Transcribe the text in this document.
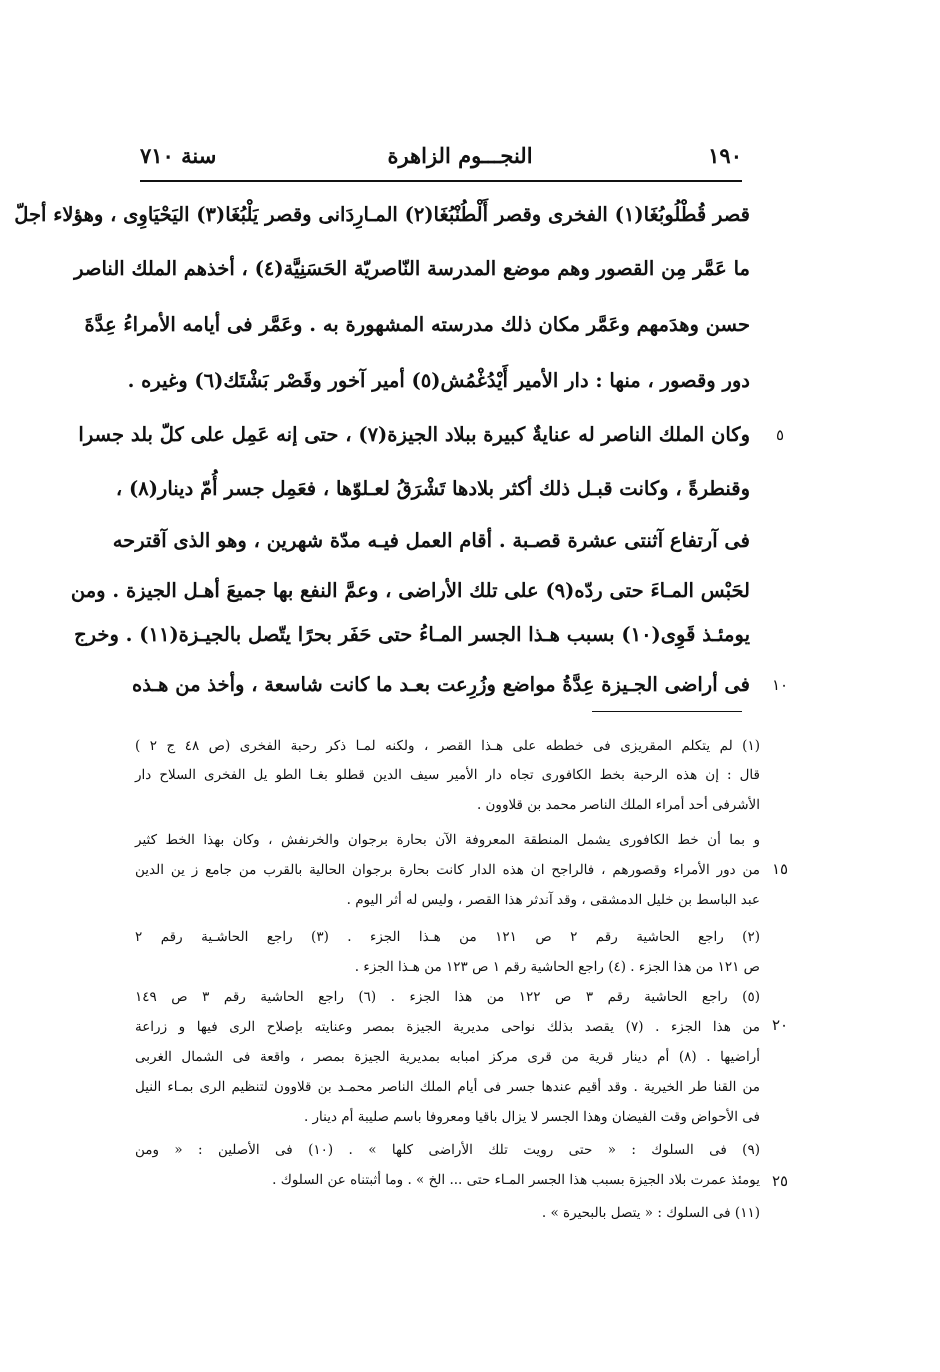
١٩٠
النجـــوم الزاهرة
سنة ٧١٠
قصر قُطْلُوبُغَا(١) الفخرى وقصر أَلْطُنْبُغَا(٢) المـارِدَانى وقصر يَلْبُغَا(٣) اليَحْيَاوِى ، وهؤلاء أجلّ
ما عَمَّر مِن القصور وهم موضع المدرسة النّاصريّة الحَسَنِيَّة(٤) ، أخذهم الملك الناصر
حسن وهدَمهم وعَمَّر مكان ذلك مدرسته المشهورة به . وعَمَّر فى أيامه الأمراءُ عِدَّةَ
دور وقصور ، منها : دار الأمير أَيْدُغْمُش(٥) أمير آخور وقَصْر بَشْتَك(٦) وغيره .
وكان الملك الناصر له عنايةٌ كبيرة ببلاد الجيزة(٧) ، حتى إنه عَمِل على كلّ بلد جسرا
وقنطرةً ، وكانت قبـل ذلك أكثر بلادها تَشْرَقُ لعـلوّها ، فعَمِل جسر أُمّ دينار(٨) ،
فى آرتفاع آثنتى عشرة قصـبة . أقام العمل فيـه مدّة شهرين ، وهو الذى آقترحه
لحَبْس المـاءَ حتى ردّه(٩) على تلك الأراضى ، وعمَّ النفع بها جميعَ أهـل الجيزة . ومن
يومئـذ قَوِى(١٠) بسبب هـذا الجسر المـاءُ حتى حَفَر بحرًا يتّصل بالجيـزة(١١) . وخرج
فى أراضى الجـيزة عِدَّةُ مواضع وزُرِعت بعـد ما كانت شاسعة ، وأخذ من هـذه
(١) لم يتكلم المقريزى فى خططه على هـذا القصر ، ولكنه لمـا ذكر رحبة الفخرى (ص ٤٨ ج ٢ )
قال : إن هذه الرحبة بخط الكافورى تجاه دار الأمير سيف الدين قطلو بغـا الطو يل الفخرى السلاح دار
الأشرفى أحد أمراء الملك الناصر محمد بن قلاوون .
و بما أن خط الكافورى يشمل المنطقة المعروفة الآن بحارة برجوان والخرنفش ، وكان بهذا الخط كثير
من دور الأمراء وقصورهم ، فالراجح ان هذه الدار كانت بحارة برجوان الحالية بالقرب من جامع ز ين الدين
عبد الباسط بن خليل الدمشقى ، وقد آندثر هذا القصر ، وليس له أثر اليوم .
(٢) راجع الحاشية رقم ٢ ص ١٢١ من هـذا الجزء . (٣) راجع الحاشـية رقم ٢
ص ١٢١ من هذا الجزء . (٤) راجع الحاشية رقم ١ ص ١٢٣ من هـذا الجزء .
(٥) راجع الحاشية رقم ٣ ص ١٢٢ من هذا الجزء . (٦) راجع الحاشية رقم ٣ ص ١٤٩
من هذا الجزء . (٧) يقصد بذلك نواحى مديرية الجيزة بمصر وعنايته بإصلاح الرى فيها و زراعة
أراضيها . (٨) أم دينار قرية من قرى مركز امبابه بمديرية الجيزة بمصر ، واقعة فى الشمال الغربى
من القنا طر الخيرية . وقد أقيم عندها جسر فى أيام الملك الناصر محمـد بن قلاوون لتنظيم الرى بمـاء النيل
فى الأحواض وقت الفيضان وهذا الجسر لا يزال باقيا ومعروفا باسم صليبة أم دينار .
(٩) فى السلوك : « حتى رويت تلك الأراضى كلها » . (١٠) فى الأصلين : « ومن
يومئذ عمرت بلاد الجيزة بسبب هذا الجسر المـاء حتى ... الخ » . وما أثبتناه عن السلوك .
(١١) فى السلوك : « يتصل بالبحيرة » .
٥
١٠
١٥
٢٠
٢٥
